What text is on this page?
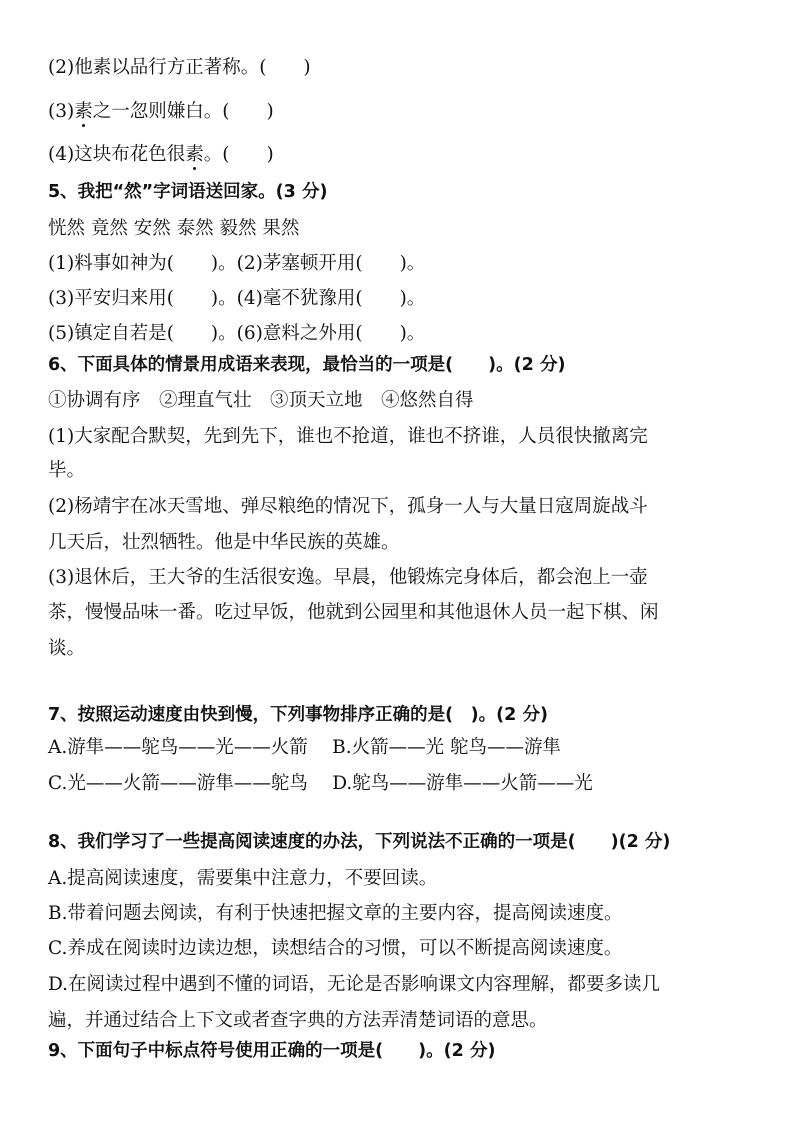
(2)他素以品行方正著称。(　　)
(3)素之一忽则嫌白。(　　)
(4)这块布花色很素。(　　)
5、我把“然”字词语送回家。(3 分)
恍然 竟然 安然 泰然 毅然 果然
(1)料事如神为(　　)。(2)茅塞顿开用(　　)。
(3)平安归来用(　　)。(4)毫不犹豫用(　　)。
(5)镇定自若是(　　)。(6)意料之外用(　　)。
6、下面具体的情景用成语来表现，最恰当的一项是(　　)。(2 分)
①协调有序　②理直气壮　③顶天立地　④悠然自得
(1)大家配合默契，先到先下，谁也不抢道，谁也不挤谁，人员很快撤离完
毕。
(2)杨靖宇在冰天雪地、弹尽粮绝的情况下，孤身一人与大量日寇周旋战斗
几天后，壮烈牺牲。他是中华民族的英雄。
(3)退休后，王大爷的生活很安逸。早晨，他锻炼完身体后，都会泡上一壶
茶，慢慢品味一番。吃过早饭，他就到公园里和其他退休人员一起下棋、闲
谈。
7、按照运动速度由快到慢，下列事物排序正确的是(　)。(2 分)
A.游隼——鸵鸟——光——火箭　 B.火箭——光 鸵鸟——游隼
C.光——火箭——游隼——鸵鸟　 D.鸵鸟——游隼——火箭——光
8、我们学习了一些提高阅读速度的办法，下列说法不正确的一项是(　　)(2 分)
A.提高阅读速度，需要集中注意力，不要回读。
B.带着问题去阅读，有利于快速把握文章的主要内容，提高阅读速度。
C.养成在阅读时边读边想，读想结合的习惯，可以不断提高阅读速度。
D.在阅读过程中遇到不懂的词语，无论是否影响课文内容理解，都要多读几
遍，并通过结合上下文或者查字典的方法弄清楚词语的意思。
9、下面句子中标点符号使用正确的一项是(　　)。(2 分)
